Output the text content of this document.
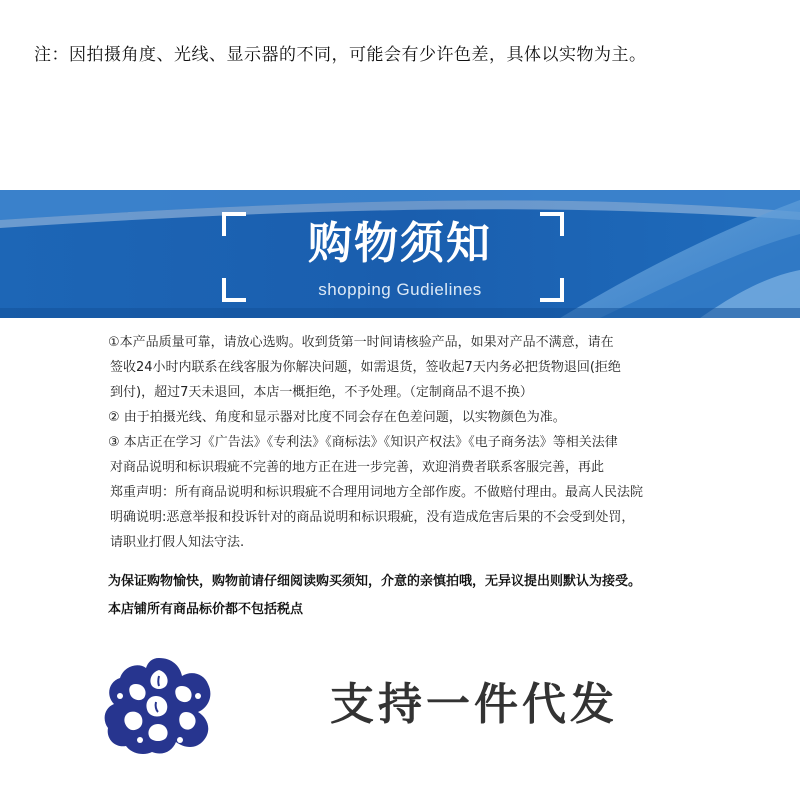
注：因拍摄角度、光线、显示器的不同，可能会有少许色差，具体以实物为主。
购物须知
shopping Gudielines
①本产品质量可靠，请放心选购。收到货第一时间请核验产品，如果对产品不满意，请在
签收24小时内联系在线客服为你解决问题，如需退货，签收起7天内务必把货物退回(拒绝
到付)，超过7天未退回，本店一概拒绝，不予处理。（定制商品不退不换）
② 由于拍摄光线、角度和显示器对比度不同会存在色差问题，以实物颜色为准。
③ 本店正在学习《广告法》《专利法》《商标法》《知识产权法》《电子商务法》等相关法律
对商品说明和标识瑕疵不完善的地方正在进一步完善，欢迎消费者联系客服完善，再此
郑重声明：所有商品说明和标识瑕疵不合理用词地方全部作废。不做赔付理由。最高人民法院
明确说明:恶意举报和投诉针对的商品说明和标识瑕疵，没有造成危害后果的不会受到处罚，
请职业打假人知法守法.
为保证购物愉快，购物前请仔细阅读购买须知，介意的亲慎拍哦，无异议提出则默认为接受。
本店铺所有商品标价都不包括税点
支持一件代发
